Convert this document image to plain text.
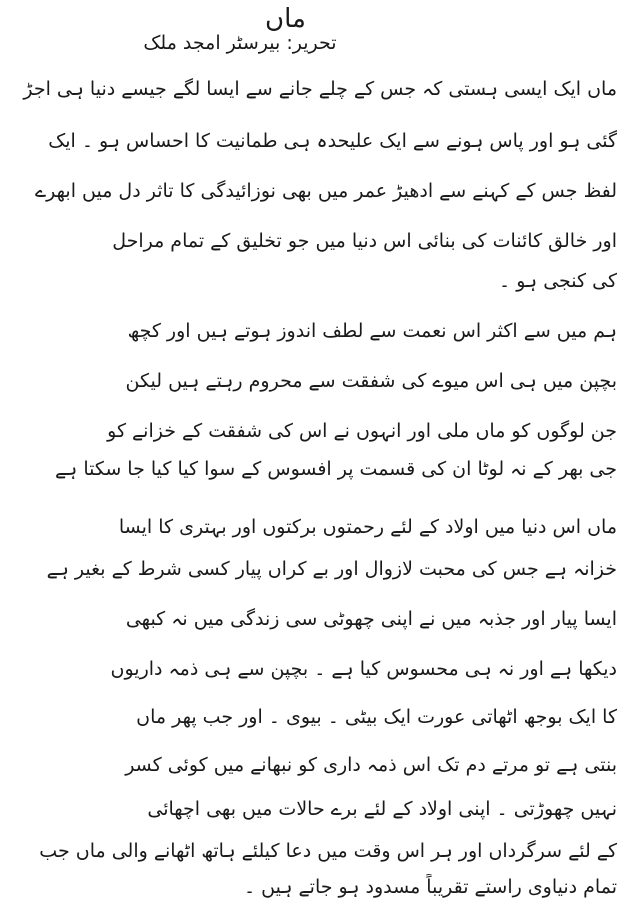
ماں
تحریر: بیرسٹر امجد ملک
ماں ایک ایسی ہستی کہ جس کے چلے جانے سے ایسا لگے جیسے دنیا ہی اجڑ
گئی ہو اور پاس ہونے سے ایک علیحدہ ہی طمانیت کا احساس ہو ۔ ایک
لفظ جس کے کہنے سے ادھیڑ عمر میں بھی نوزائیدگی کا تاثر دل میں ابھرے
اور خالق کائنات کی بنائی اس دنیا میں جو تخلیق کے تمام مراحل
کی کنجی ہو ۔
ہم میں سے اکثر اس نعمت سے لطف اندوز ہوتے ہیں اور کچھ
بچپن میں ہی اس میوے کی شفقت سے محروم رہتے ہیں لیکن
جن لوگوں کو ماں ملی اور انہوں نے اس کی شفقت کے خزانے کو
جی بھر کے نہ لوٹا ان کی قسمت پر افسوس کے سوا کیا کیا جا سکتا ہے
ماں اس دنیا میں اولاد کے لئے رحمتوں برکتوں اور بہتری کا ایسا
خزانہ ہے جس کی محبت لازوال اور بے کراں پیار کسی شرط کے بغیر ہے
ایسا پیار اور جذبہ میں نے اپنی چھوٹی سی زندگی میں نہ کبھی
دیکھا ہے اور نہ ہی محسوس کیا ہے ۔ بچپن سے ہی ذمہ داریوں
کا ایک بوجھ اٹھاتی عورت ایک بیٹی ۔ بیوی ۔ اور جب پھر ماں
بنتی ہے تو مرتے دم تک اس ذمہ داری کو نبھانے میں کوئی کسر
نہیں چھوڑتی ۔ اپنی اولاد کے لئے برے حالات میں بھی اچھائی
کے لئے سرگرداں اور ہر اس وقت میں دعا کیلئے ہاتھ اٹھانے والی ماں جب
تمام دنیاوی راستے تقریباً مسدود ہو جاتے ہیں ۔
